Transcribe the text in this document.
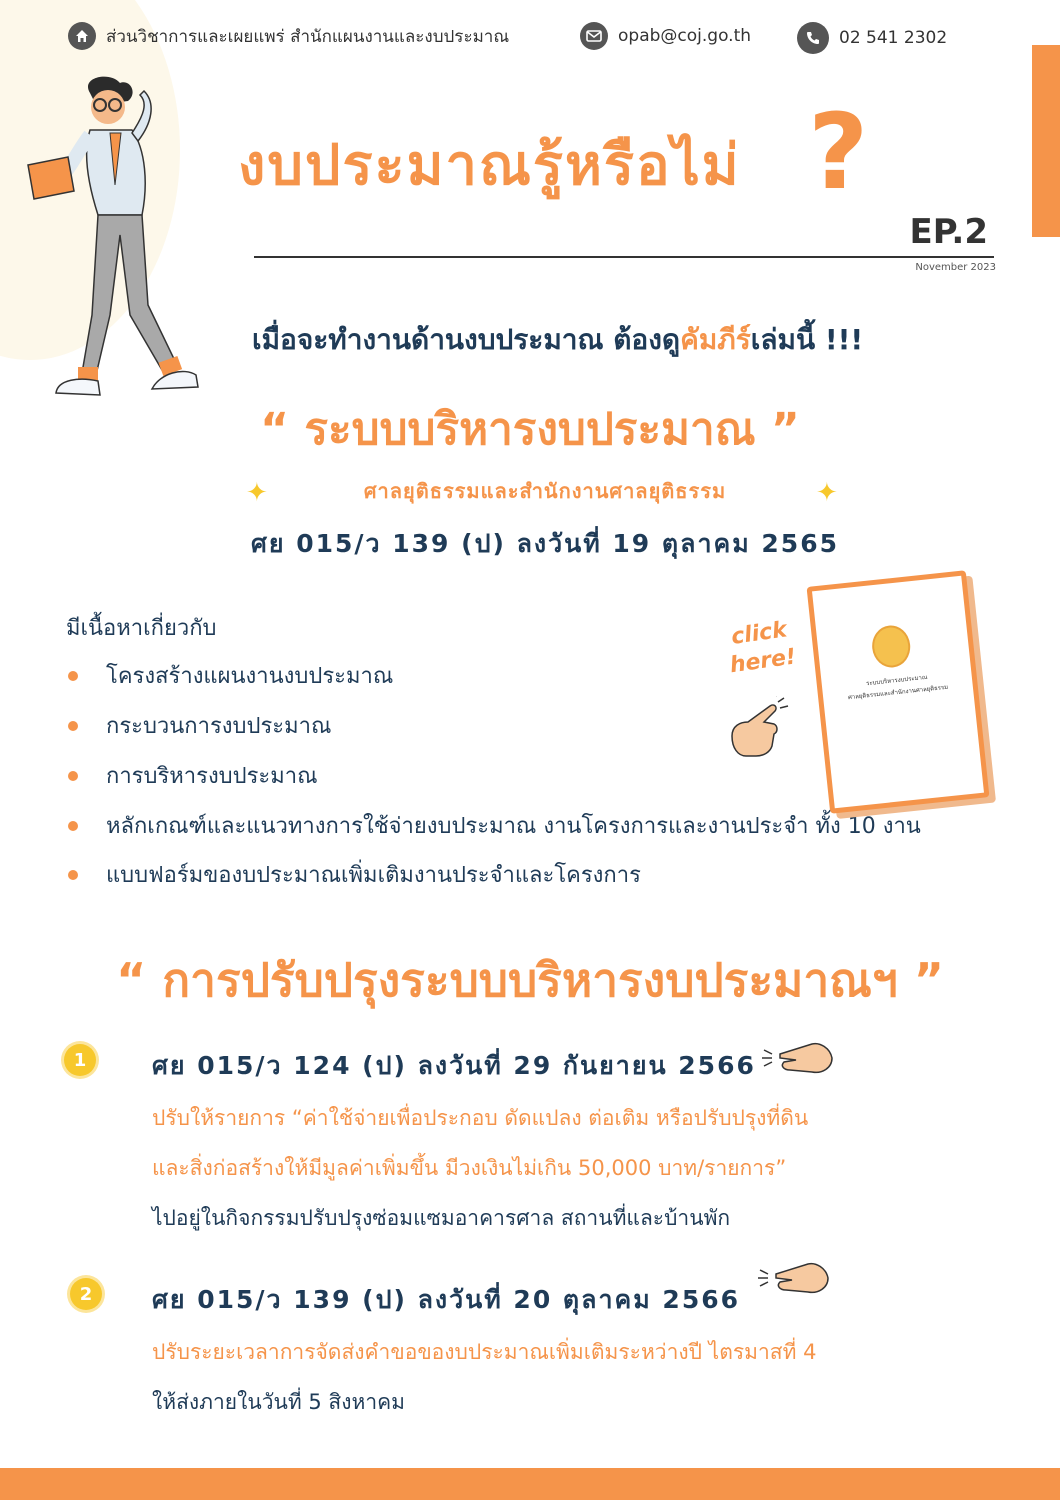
ส่วนวิชาการและเผยแพร่ สำนักแผนงานและงบประมาณ	opab@coj.go.th	02 541 2302
งบประมาณรู้หรือไม่ ?
EP.2
November 2023
เมื่อจะทำงานด้านงบประมาณ ต้องดูคัมภีร์เล่มนี้ !!!
“ ระบบบริหารงบประมาณ ”
✦	ศาลยุติธรรมและสำนักงานศาลยุติธรรม	✦
ศย 015/ว 139 (ป) ลงวันที่ 19 ตุลาคม 2565
มีเนื้อหาเกี่ยวกับ
โครงสร้างแผนงานงบประมาณ
กระบวนการงบประมาณ
การบริหารงบประมาณ
หลักเกณฑ์และแนวทางการใช้จ่ายงบประมาณ งานโครงการและงานประจำ ทั้ง 10 งาน
แบบฟอร์มของบประมาณเพิ่มเติมงานประจำและโครงการ
click here!
ระบบบริหารงบประมาณ
ศาลยุติธรรมและสำนักงานศาลยุติธรรม
“ การปรับปรุงระบบบริหารงบประมาณฯ ”
1	ศย 015/ว 124 (ป) ลงวันที่ 29 กันยายน 2566
ปรับให้รายการ “ค่าใช้จ่ายเพื่อประกอบ ดัดแปลง ต่อเติม หรือปรับปรุงที่ดิน
และสิ่งก่อสร้างให้มีมูลค่าเพิ่มขึ้น มีวงเงินไม่เกิน 50,000 บาท/รายการ”
ไปอยู่ในกิจกรรมปรับปรุงซ่อมแซมอาคารศาล สถานที่และบ้านพัก
2	ศย 015/ว 139 (ป) ลงวันที่ 20 ตุลาคม 2566
ปรับระยะเวลาการจัดส่งคำขอของบประมาณเพิ่มเติมระหว่างปี ไตรมาสที่ 4
ให้ส่งภายในวันที่ 5 สิงหาคม
